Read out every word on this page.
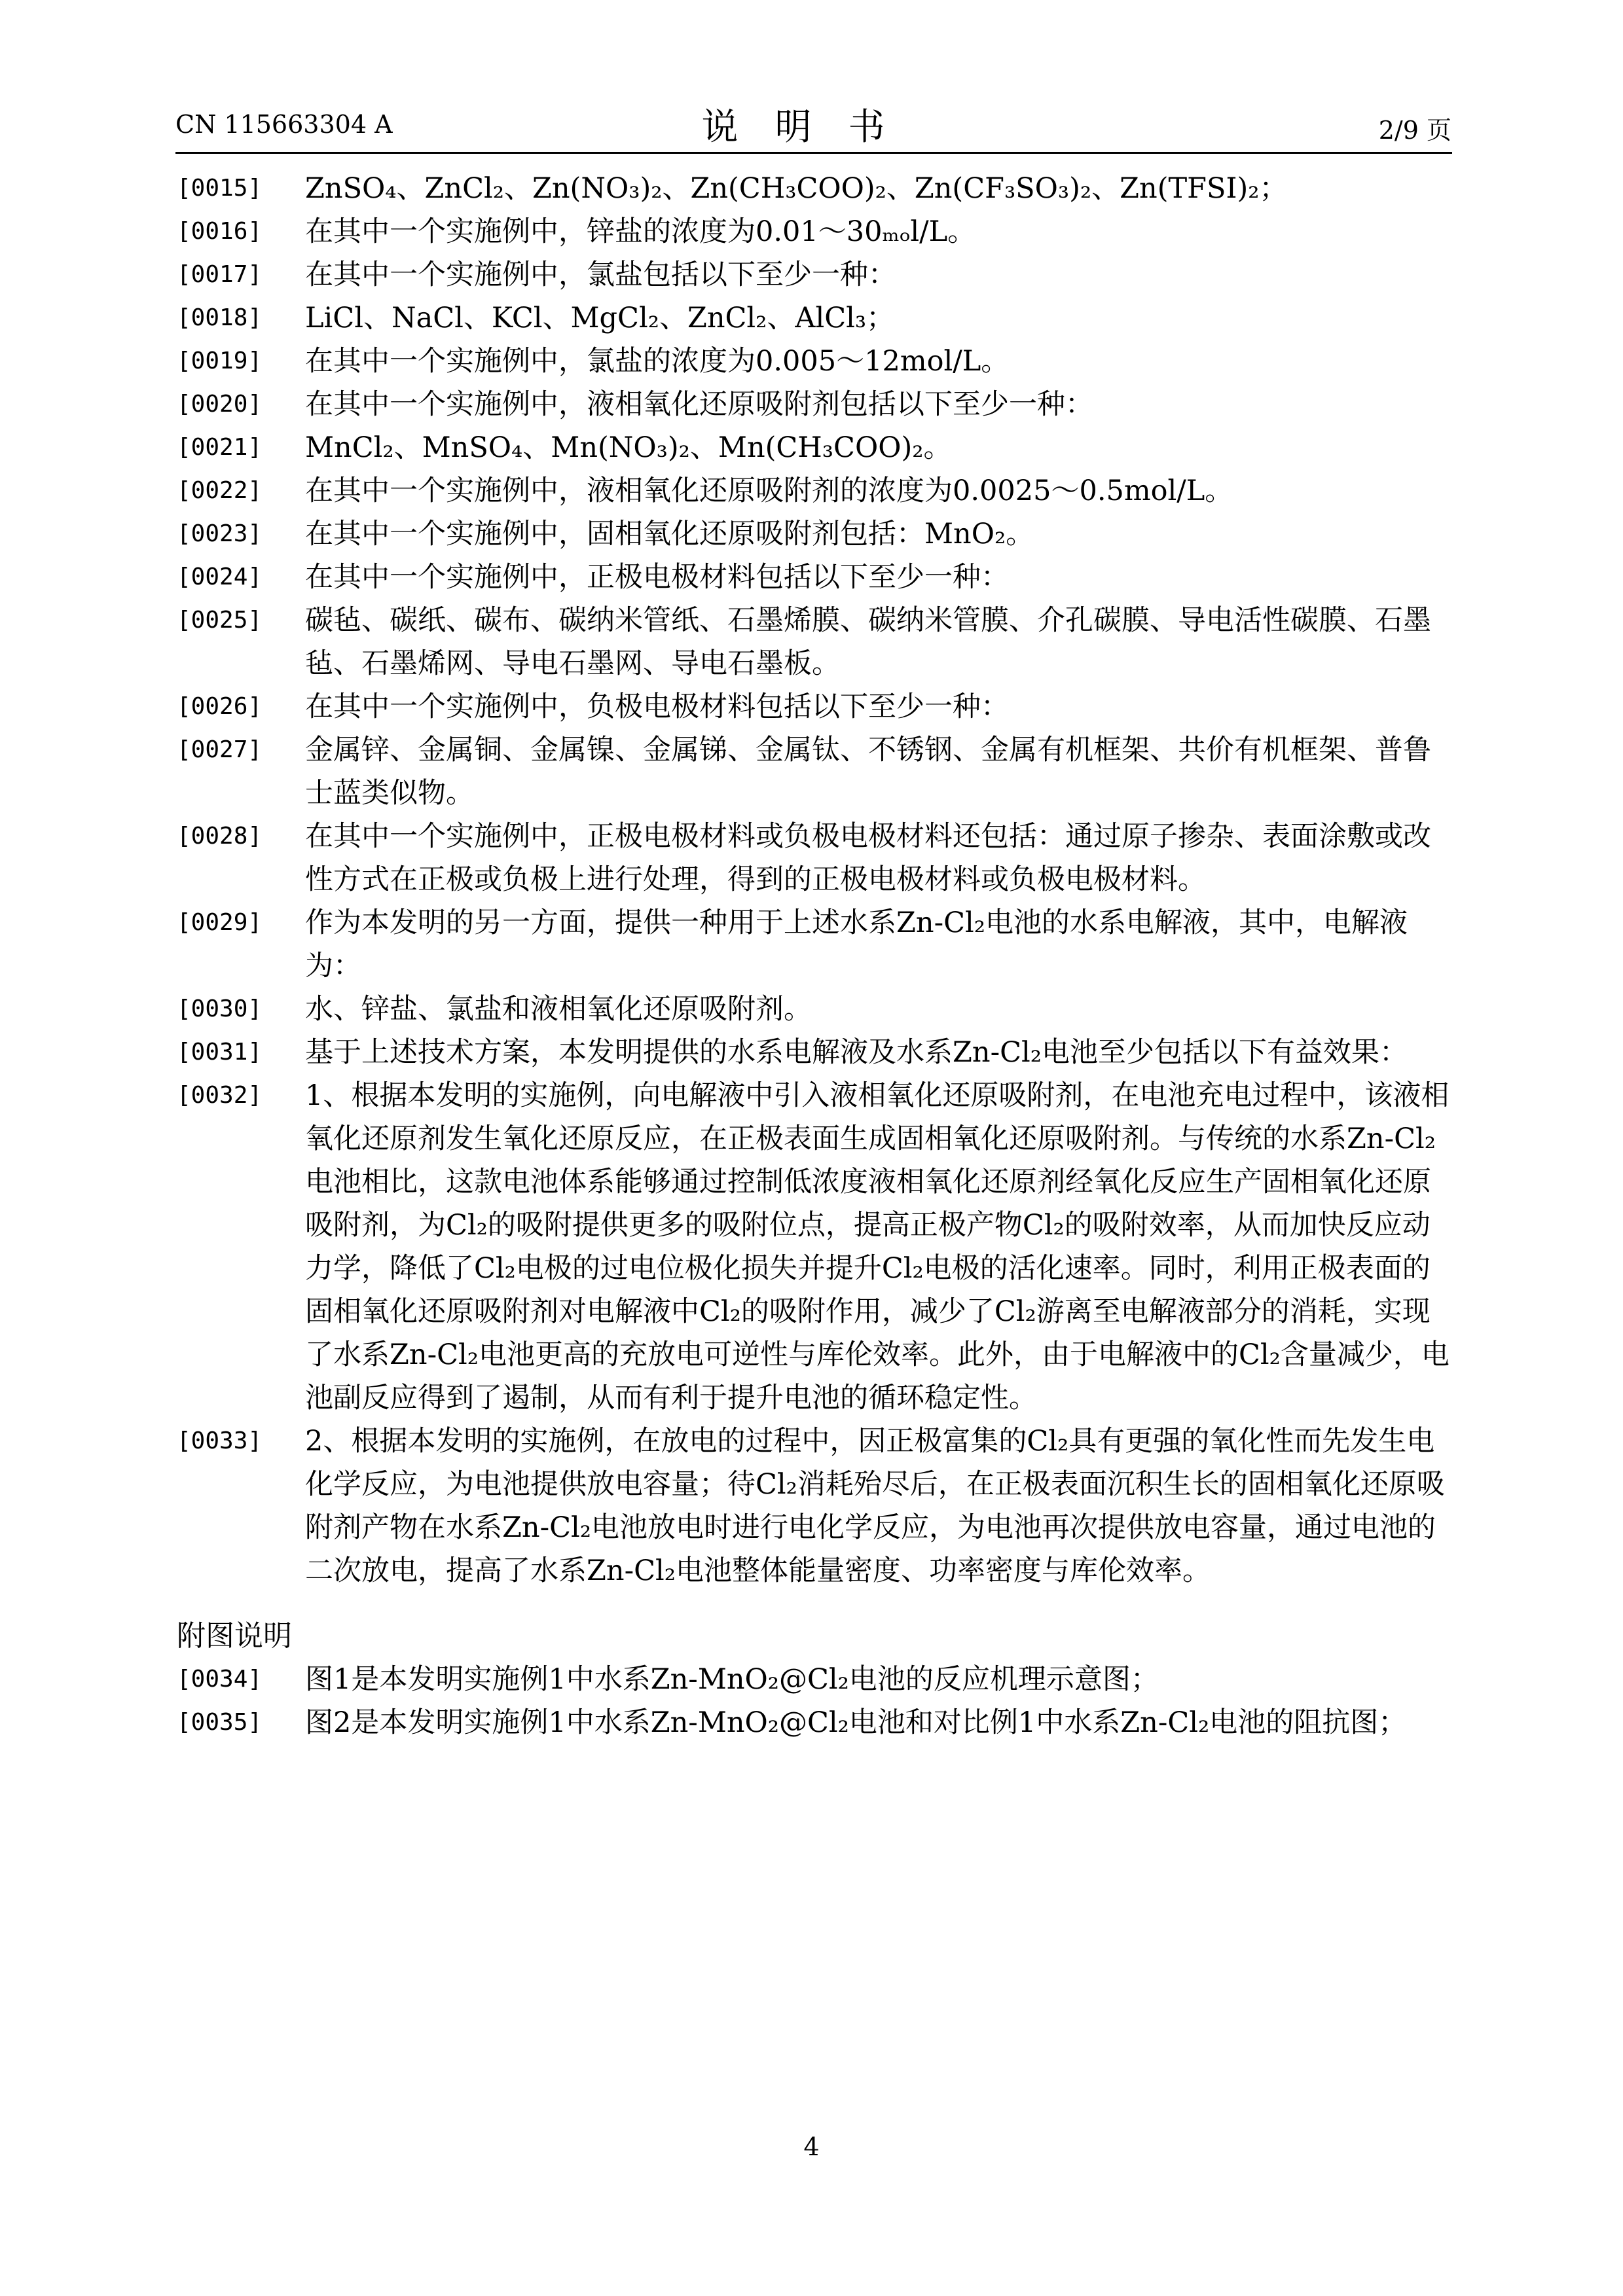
CN 115663304 A	说明书	2/9 页
[0015]	ZnSO₄、ZnCl₂、Zn(NO₃)₂、Zn(CH₃COO)₂、Zn(CF₃SO₃)₂、Zn(TFSI)₂；
[0016]	在其中一个实施例中，锌盐的浓度为0.01～30ₘₒl/L。
[0017]	在其中一个实施例中，氯盐包括以下至少一种：
[0018]	LiCl、NaCl、KCl、MgCl₂、ZnCl₂、AlCl₃；
[0019]	在其中一个实施例中，氯盐的浓度为0.005～12mol/L。
[0020]	在其中一个实施例中，液相氧化还原吸附剂包括以下至少一种：
[0021]	MnCl₂、MnSO₄、Mn(NO₃)₂、Mn(CH₃COO)₂。
[0022]	在其中一个实施例中，液相氧化还原吸附剂的浓度为0.0025～0.5mol/L。
[0023]	在其中一个实施例中，固相氧化还原吸附剂包括：MnO₂。
[0024]	在其中一个实施例中，正极电极材料包括以下至少一种：
[0025]	碳毡、碳纸、碳布、碳纳米管纸、石墨烯膜、碳纳米管膜、介孔碳膜、导电活性碳膜、石墨毡、石墨烯网、导电石墨网、导电石墨板。
[0026]	在其中一个实施例中，负极电极材料包括以下至少一种：
[0027]	金属锌、金属铜、金属镍、金属锑、金属钛、不锈钢、金属有机框架、共价有机框架、普鲁士蓝类似物。
[0028]	在其中一个实施例中，正极电极材料或负极电极材料还包括：通过原子掺杂、表面涂敷或改性方式在正极或负极上进行处理，得到的正极电极材料或负极电极材料。
[0029]	作为本发明的另一方面，提供一种用于上述水系Zn-Cl₂电池的水系电解液，其中，电解液为：
[0030]	水、锌盐、氯盐和液相氧化还原吸附剂。
[0031]	基于上述技术方案，本发明提供的水系电解液及水系Zn-Cl₂电池至少包括以下有益效果：
[0032]	1、根据本发明的实施例，向电解液中引入液相氧化还原吸附剂，在电池充电过程中，该液相氧化还原剂发生氧化还原反应，在正极表面生成固相氧化还原吸附剂。与传统的水系Zn-Cl₂电池相比，这款电池体系能够通过控制低浓度液相氧化还原剂经氧化反应生产固相氧化还原吸附剂，为Cl₂的吸附提供更多的吸附位点，提高正极产物Cl₂的吸附效率，从而加快反应动力学，降低了Cl₂电极的过电位极化损失并提升Cl₂电极的活化速率。同时，利用正极表面的固相氧化还原吸附剂对电解液中Cl₂的吸附作用，减少了Cl₂游离至电解液部分的消耗，实现了水系Zn-Cl₂电池更高的充放电可逆性与库伦效率。此外，由于电解液中的Cl₂含量减少，电池副反应得到了遏制，从而有利于提升电池的循环稳定性。
[0033]	2、根据本发明的实施例，在放电的过程中，因正极富集的Cl₂具有更强的氧化性而先发生电化学反应，为电池提供放电容量；待Cl₂消耗殆尽后，在正极表面沉积生长的固相氧化还原吸附剂产物在水系Zn-Cl₂电池放电时进行电化学反应，为电池再次提供放电容量，通过电池的二次放电，提高了水系Zn-Cl₂电池整体能量密度、功率密度与库伦效率。
附图说明
[0034]	图1是本发明实施例1中水系Zn-MnO₂@Cl₂电池的反应机理示意图；
[0035]	图2是本发明实施例1中水系Zn-MnO₂@Cl₂电池和对比例1中水系Zn-Cl₂电池的阻抗图；
4
